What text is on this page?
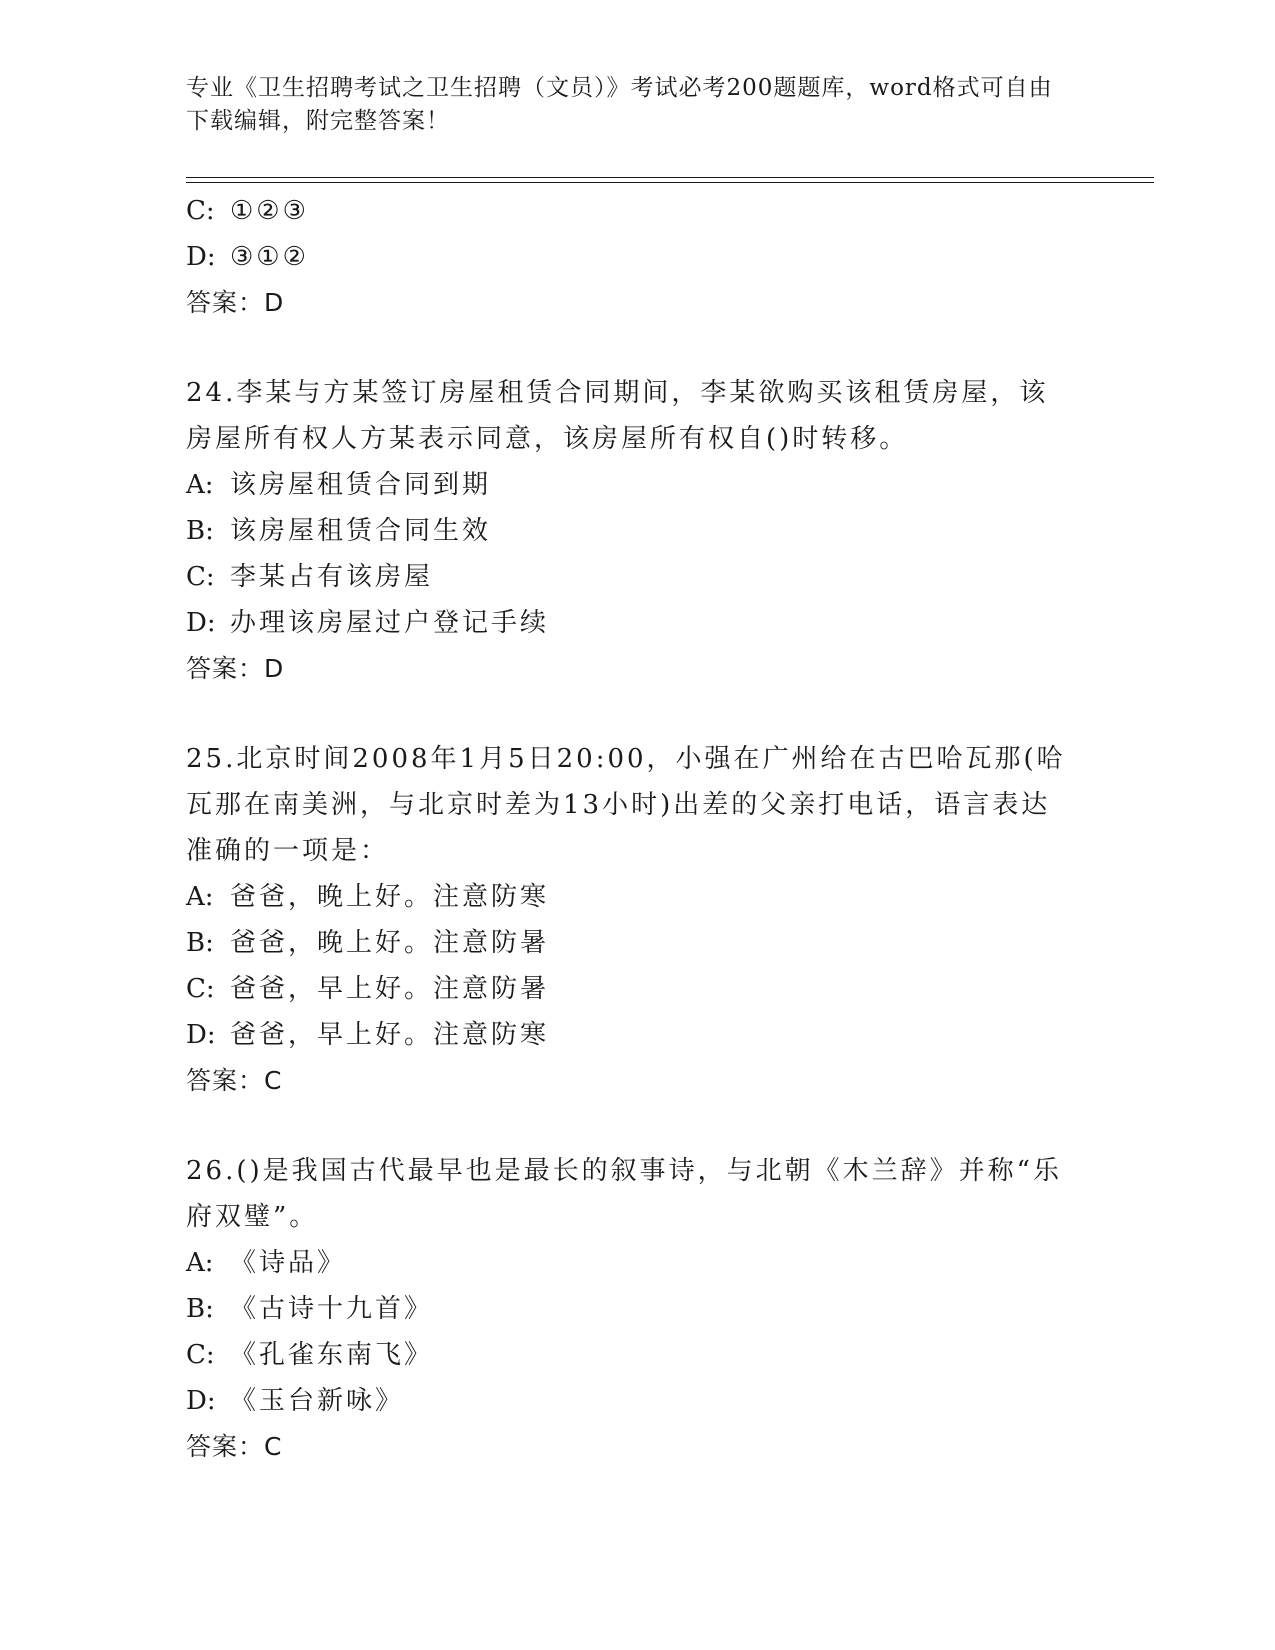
专业《卫生招聘考试之卫生招聘（文员）》考试必考200题题库，word格式可自由下载编辑，附完整答案！
C: ①②③
D: ③①②
答案：D
24.李某与方某签订房屋租赁合同期间，李某欲购买该租赁房屋，该房屋所有权人方某表示同意，该房屋所有权自()时转移。
A: 该房屋租赁合同到期
B: 该房屋租赁合同生效
C: 李某占有该房屋
D: 办理该房屋过户登记手续
答案：D
25.北京时间2008年1月5日20:00，小强在广州给在古巴哈瓦那(哈瓦那在南美洲，与北京时差为13小时)出差的父亲打电话，语言表达准确的一项是：
A: 爸爸，晚上好。注意防寒
B: 爸爸，晚上好。注意防暑
C: 爸爸，早上好。注意防暑
D: 爸爸，早上好。注意防寒
答案：C
26.()是我国古代最早也是最长的叙事诗，与北朝《木兰辞》并称“乐府双璧”。
A: 《诗品》
B: 《古诗十九首》
C: 《孔雀东南飞》
D: 《玉台新咏》
答案：C
